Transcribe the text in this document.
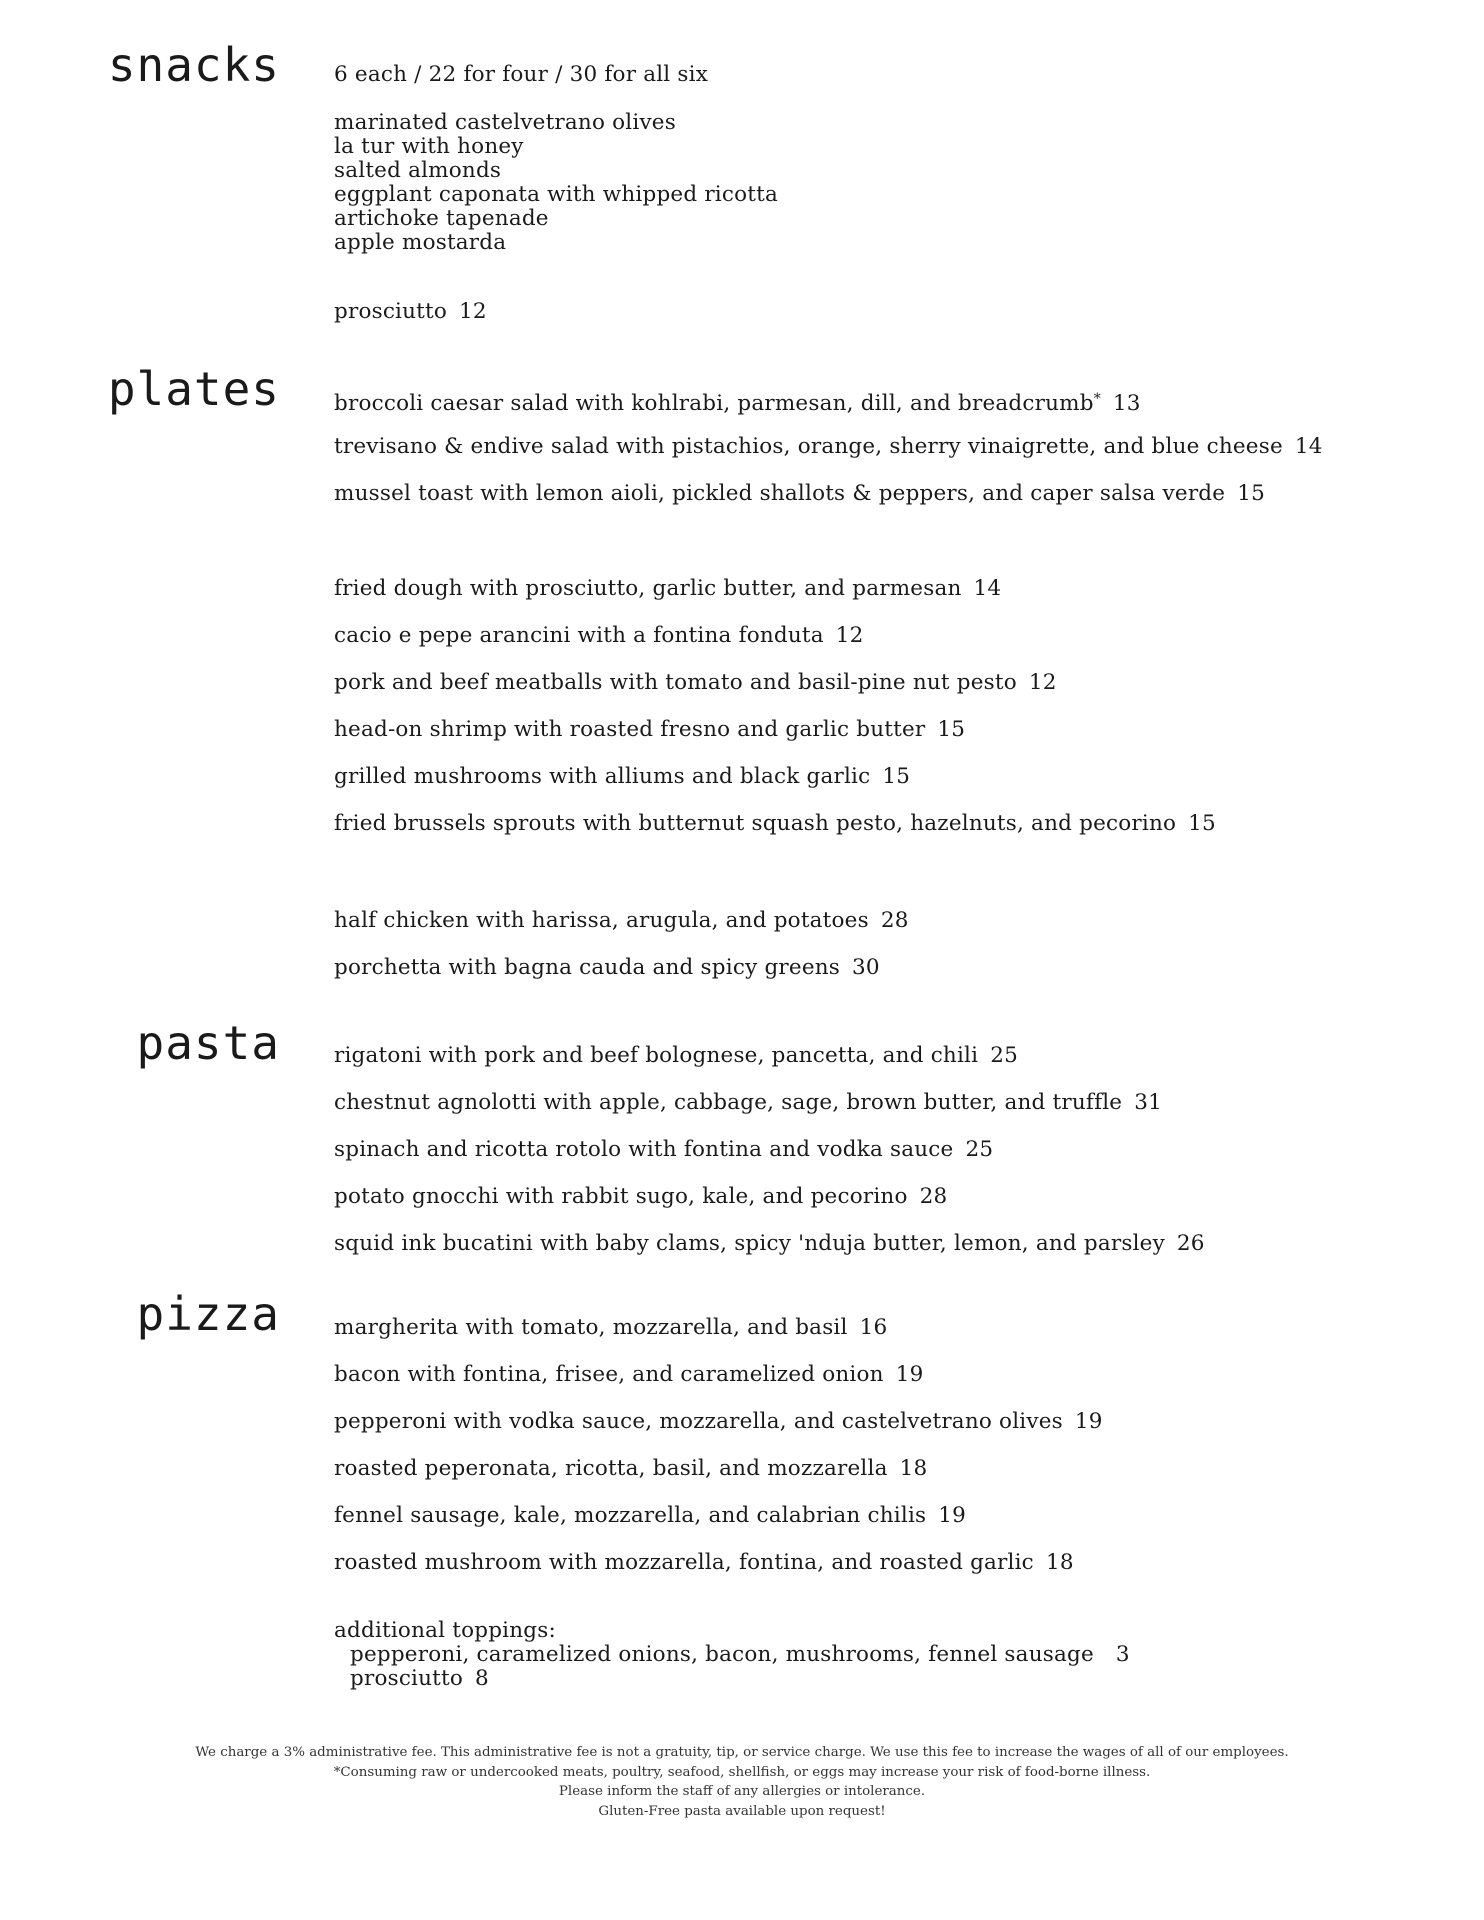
snacks	6 each / 22 for four / 30 for all six
marinated castelvetrano olives
la tur with honey
salted almonds
eggplant caponata with whipped ricotta
artichoke tapenade
apple mostarda
prosciutto 12
plates	broccoli caesar salad with kohlrabi, parmesan, dill, and breadcrumb* 13
trevisano & endive salad with pistachios, orange, sherry vinaigrette, and blue cheese 14
mussel toast with lemon aioli, pickled shallots & peppers, and caper salsa verde 15
fried dough with prosciutto, garlic butter, and parmesan 14
cacio e pepe arancini with a fontina fonduta 12
pork and beef meatballs with tomato and basil-pine nut pesto 12
head-on shrimp with roasted fresno and garlic butter 15
grilled mushrooms with alliums and black garlic 15
fried brussels sprouts with butternut squash pesto, hazelnuts, and pecorino 15
half chicken with harissa, arugula, and potatoes 28
porchetta with bagna cauda and spicy greens 30
pasta	rigatoni with pork and beef bolognese, pancetta, and chili 25
chestnut agnolotti with apple, cabbage, sage, brown butter, and truffle 31
spinach and ricotta rotolo with fontina and vodka sauce 25
potato gnocchi with rabbit sugo, kale, and pecorino 28
squid ink bucatini with baby clams, spicy 'nduja butter, lemon, and parsley 26
pizza	margherita with tomato, mozzarella, and basil 16
bacon with fontina, frisee, and caramelized onion 19
pepperoni with vodka sauce, mozzarella, and castelvetrano olives 19
roasted peperonata, ricotta, basil, and mozzarella 18
fennel sausage, kale, mozzarella, and calabrian chilis 19
roasted mushroom with mozzarella, fontina, and roasted garlic 18
additional toppings:
pepperoni, caramelized onions, bacon, mushrooms, fennel sausage 3
prosciutto 8
We charge a 3% administrative fee. This administrative fee is not a gratuity, tip, or service charge. We use this fee to increase the wages of all of our employees.
*Consuming raw or undercooked meats, poultry, seafood, shellfish, or eggs may increase your risk of food-borne illness.
Please inform the staff of any allergies or intolerance.
Gluten-Free pasta available upon request!
